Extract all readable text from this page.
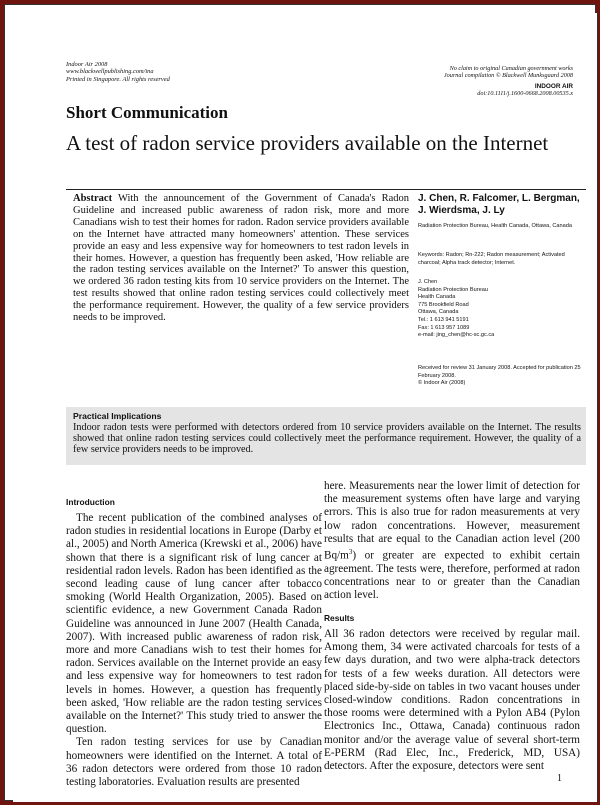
Indoor Air 2008
www.blackwellpublishing.com/ina
Printed in Singapore. All rights reserved
No claim to original Canadian government works
Journal compilation © Blackwell Munksgaard 2008
INDOOR AIR
doi:10.1111/j.1600-0668.2008.00535.x
Short Communication
A test of radon service providers available on the Internet
Abstract With the announcement of the Government of Canada's Radon Guideline and increased public awareness of radon risk, more and more Canadians wish to test their homes for radon. Radon service providers available on the Internet have attracted many homeowners' attention. These services provide an easy and less expensive way for homeowners to test radon levels in their homes. However, a question has frequently been asked, 'How reliable are the radon testing services available on the Internet?' To answer this question, we ordered 36 radon testing kits from 10 service providers on the Internet. The test results showed that online radon testing services could collectively meet the performance requirement. However, the quality of a few service providers needs to be improved.
J. Chen, R. Falcomer, L. Bergman, J. Wierdsma, J. Ly
Radiation Protection Bureau, Health Canada, Ottawa, Canada
Keywords: Radon; Rn-222; Radon measurement; Activated charcoal; Alpha track detector; Internet.
J. Chen
Radiation Protection Bureau
Health Canada
775 Brookfield Road
Ottawa, Canada
Tel.: 1 613 941 5191
Fax: 1 613 957 1089
e-mail: jing_chen@hc-sc.gc.ca
Received for review 31 January 2008. Accepted for publication 25 February 2008.
© Indoor Air (2008)
Practical Implications
Indoor radon tests were performed with detectors ordered from 10 service providers available on the Internet. The results showed that online radon testing services could collectively meet the performance requirement. However, the quality of a few service providers needs to be improved.
Introduction

The recent publication of the combined analyses of radon studies in residential locations in Europe (Darby et al., 2005) and North America (Krewski et al., 2006) have shown that there is a significant risk of lung cancer at residential radon levels. Radon has been identified as the second leading cause of lung cancer after tobacco smoking (World Health Organization, 2005). Based on scientific evidence, a new Government Canada Radon Guideline was announced in June 2007 (Health Canada, 2007). With increased public awareness of radon risk, more and more Canadians wish to test their homes for radon. Services available on the Internet provide an easy and less expensive way for homeowners to test radon levels in homes. However, a question has frequently been asked, 'How reliable are the radon testing services available on the Internet?' This study tried to answer the question.

Ten radon testing services for use by Canadian homeowners were identified on the Internet. A total of 36 radon detectors were ordered from those 10 radon testing laboratories. Evaluation results are presented

here. Measurements near the lower limit of detection for the measurement systems often have large and varying errors. This is also true for radon measurements at very low radon concentrations. However, measurement results that are equal to the Canadian action level (200 $Bq/m^3$) or greater are expected to exhibit certain agreement. The tests were, therefore, performed at radon concentrations near to or greater than the Canadian action level.

Results
All 36 radon detectors were received by regular mail. Among them, 34 were activated charcoals for tests of a few days duration, and two were alpha-track detectors for tests of a few weeks duration. All detectors were placed side-by-side on tables in two vacant houses under closed-window conditions. Radon concentrations in those rooms were determined with a Pylon AB4 (Pylon Electronics Inc., Ottawa, Canada) continuous radon monitor and/or the average value of several short-term E-PERM (Rad Elec, Inc., Frederick, MD, USA) detectors. After the exposure, detectors were sent
1
